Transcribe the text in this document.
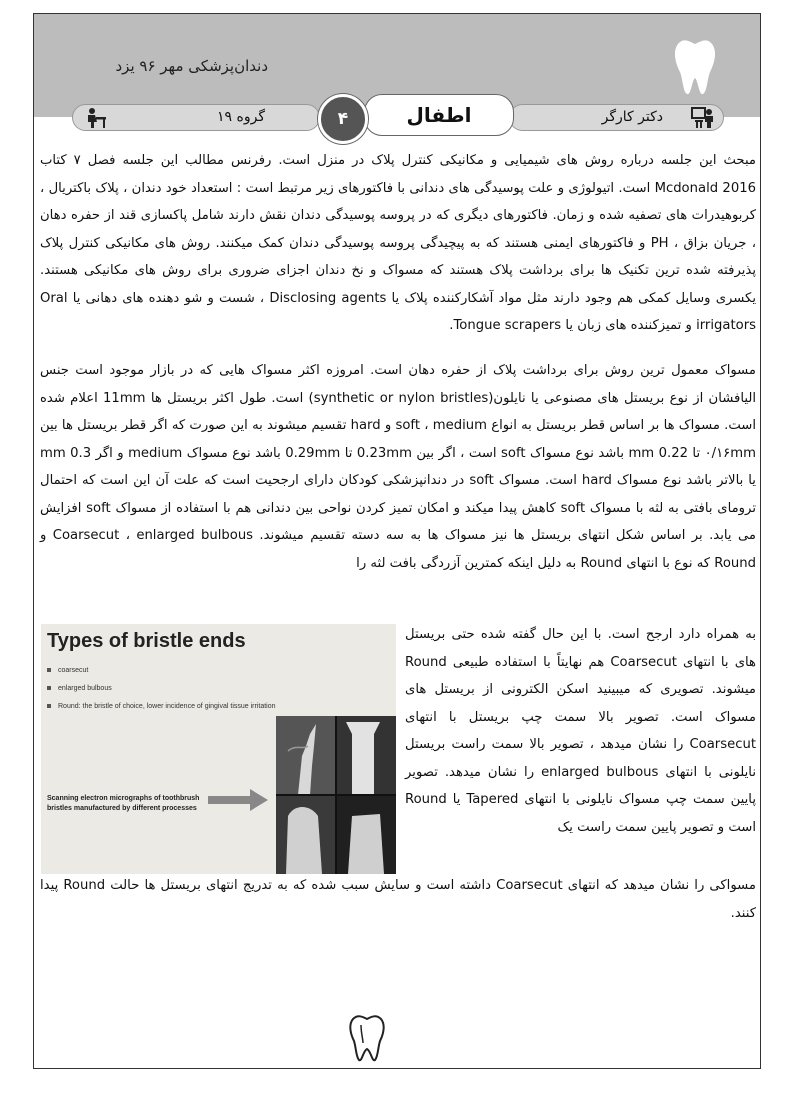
دندان‌پزشکی مهر ۹۶ یزد
گروه ۱۹	دکتر کارگر
اطفال
۴
مبحث این جلسه درباره روش های شیمیایی و مکانیکی کنترل پلاک در منزل است. رفرنس مطالب این جلسه فصل ۷ کتاب Mcdonald 2016 است. اتیولوژی و علت پوسیدگی های دندانی با فاکتورهای زیر مرتبط است : استعداد خود دندان ، پلاک باکتریال ، کربوهیدرات های تصفیه شده و زمان. فاکتورهای دیگری که در پروسه پوسیدگی دندان نقش دارند شامل پاکسازی قند از حفره دهان ، جریان بزاق ، PH و فاکتورهای ایمنی هستند که به پیچیدگی پروسه پوسیدگی دندان کمک میکنند. روش های مکانیکی کنترل پلاک پذیرفته شده ترین تکنیک ها برای برداشت پلاک هستند که مسواک و نخ دندان اجزای ضروری برای روش های مکانیکی هستند. یکسری وسایل کمکی هم وجود دارند مثل مواد آشکارکننده پلاک یا Disclosing agents ، شست و شو دهنده های دهانی یا Oral irrigators و تمیزکننده های زبان یا Tongue scrapers.
مسواک معمول ترین روش برای برداشت پلاک از حفره دهان است. امروزه اکثر مسواک هایی که در بازار موجود است جنس الیافشان از نوع بریستل های مصنوعی یا نایلون(synthetic or nylon bristles) است. طول اکثر بریستل ها 11mm اعلام شده است. مسواک ها بر اساس قطر بریستل به انواع soft ، medium و hard تقسیم میشوند به این صورت که اگر قطر بریستل ها بین ۰/۱۶mm تا 0.22 mm باشد نوع مسواک soft است ، اگر بین 0.23mm تا 0.29mm باشد نوع مسواک medium و اگر 0.3 mm یا بالاتر باشد نوع مسواک hard است. مسواک soft در دندانپزشکی کودکان دارای ارجحیت است که علت آن این است که احتمال ترومای بافتی به لثه با مسواک soft کاهش پیدا میکند و امکان تمیز کردن نواحی بین دندانی هم با استفاده از مسواک soft افزایش می یابد. بر اساس شکل انتهای بریستل ها نیز مسواک ها به سه دسته تقسیم میشوند. Coarsecut ، enlarged bulbous و Round که نوع با انتهای Round به دلیل اینکه کمترین آزردگی بافت لثه را
به همراه دارد ارجح است. با این حال گفته شده حتی بریستل های با انتهای Coarsecut هم نهایتاً با استفاده طبیعی Round میشوند. تصویری که میبینید اسکن الکترونی از بریستل های مسواک است. تصویر بالا سمت چپ بریستل با انتهای Coarsecut را نشان میدهد ، تصویر بالا سمت راست بریستل نایلونی با انتهای enlarged bulbous را نشان میدهد. تصویر پایین سمت چپ مسواک نایلونی با انتهای Tapered یا Round است و تصویر پایین سمت راست یک
مسواکی را نشان میدهد که انتهای Coarsecut داشته است و سایش سبب شده که به تدریج انتهای بریستل ها حالت Round پیدا کنند.
Types of bristle ends
coarsecut
enlarged bulbous
Round: the bristle of choice, lower incidence of gingival tissue irritation
Scanning electron micrographs of toothbrush bristles manufactured by different processes
